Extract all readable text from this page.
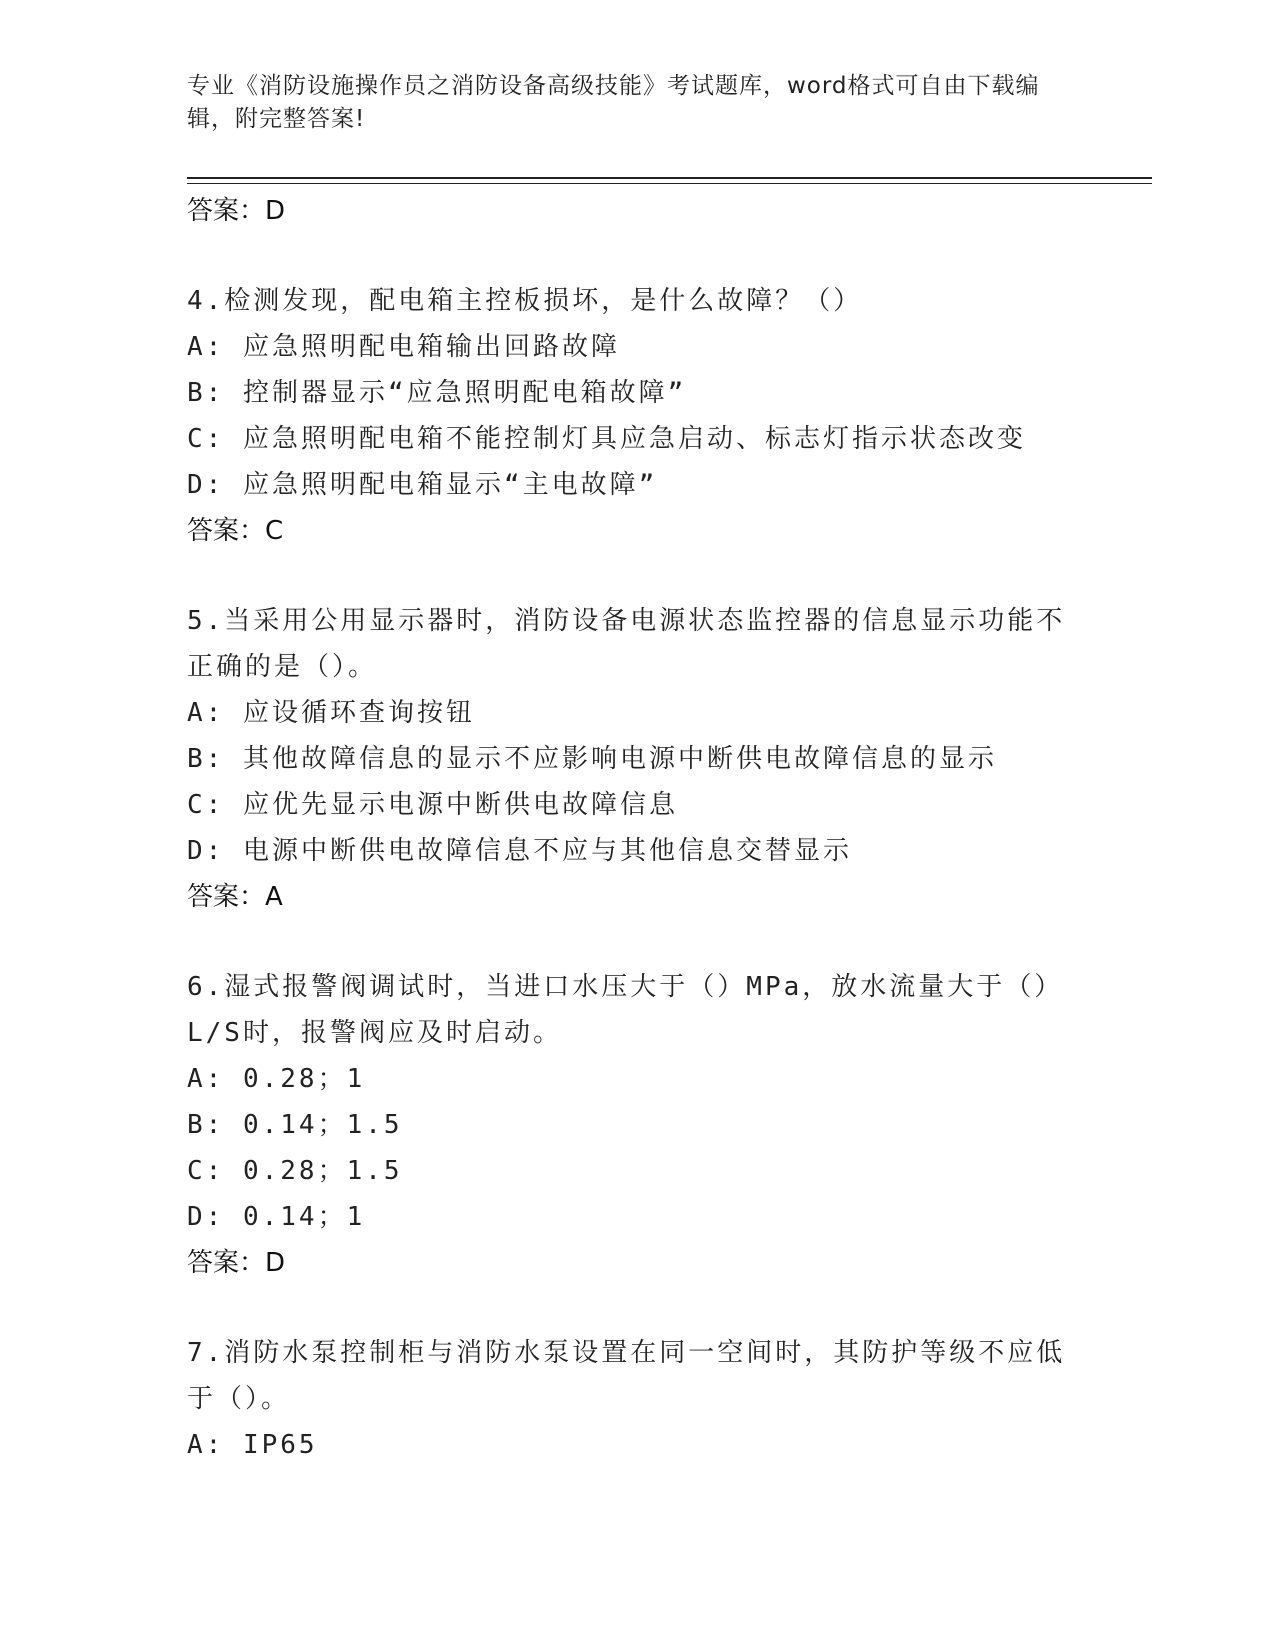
专业《消防设施操作员之消防设备高级技能》考试题库，word格式可自由下载编辑，附完整答案!
答案：D
4.检测发现，配电箱主控板损坏，是什么故障？（）
A: 应急照明配电箱输出回路故障
B: 控制器显示“应急照明配电箱故障”
C: 应急照明配电箱不能控制灯具应急启动、标志灯指示状态改变
D: 应急照明配电箱显示“主电故障”
答案：C
5.当采用公用显示器时，消防设备电源状态监控器的信息显示功能不正确的是（）。
A: 应设循环查询按钮
B: 其他故障信息的显示不应影响电源中断供电故障信息的显示
C: 应优先显示电源中断供电故障信息
D: 电源中断供电故障信息不应与其他信息交替显示
答案：A
6.湿式报警阀调试时，当进口水压大于（）MPa，放水流量大于（）L/S时，报警阀应及时启动。
A: 0.28；1
B: 0.14；1.5
C: 0.28；1.5
D: 0.14；1
答案：D
7.消防水泵控制柜与消防水泵设置在同一空间时，其防护等级不应低于（）。
A: IP65
